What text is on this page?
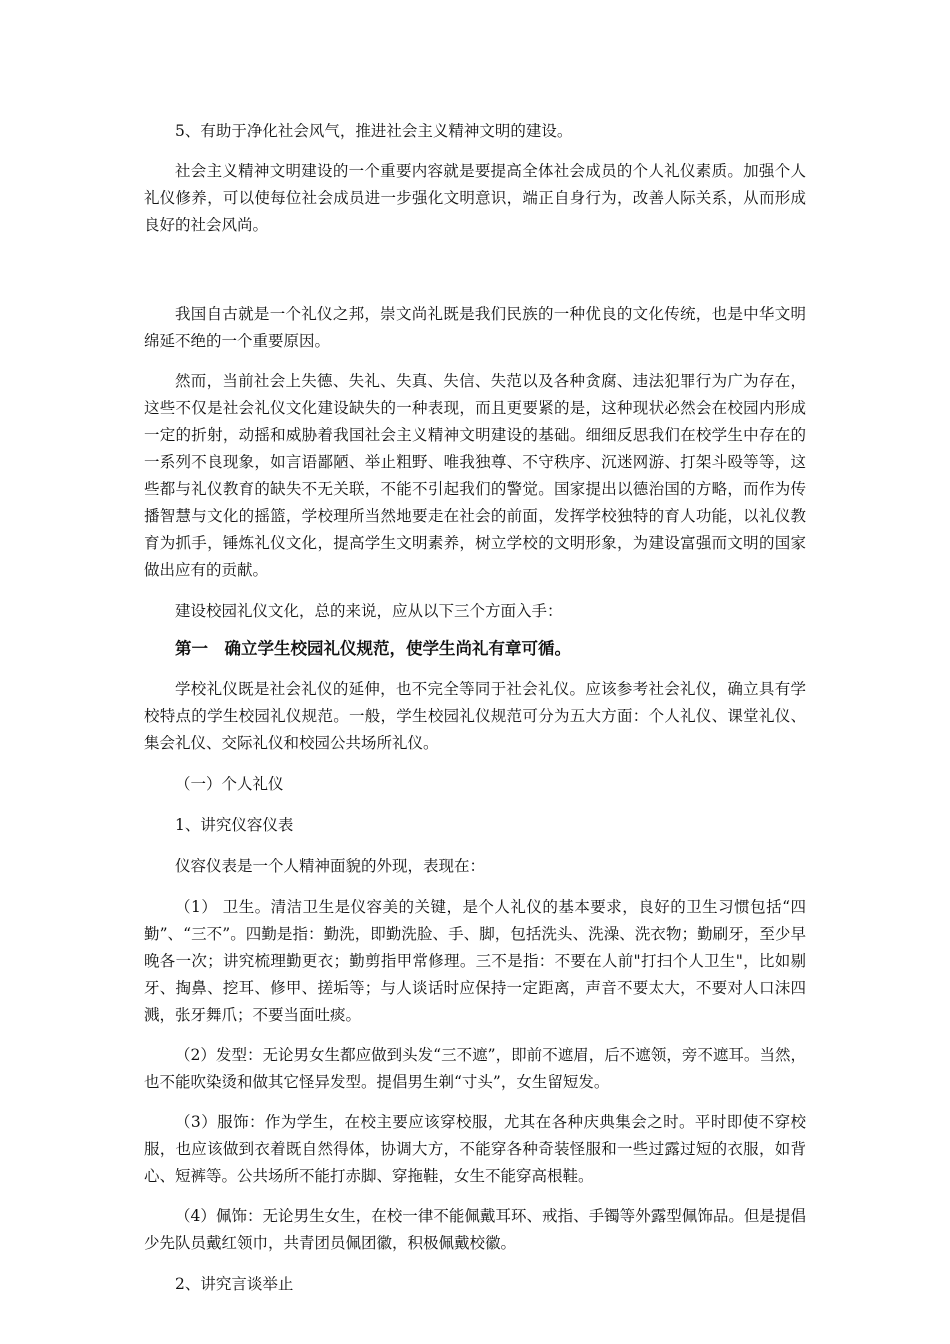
5、有助于净化社会风气，推进社会主义精神文明的建设。

社会主义精神文明建设的一个重要内容就是要提高全体社会成员的个人礼仪素质。加强个人礼仪修养，可以使每位社会成员进一步强化文明意识，端正自身行为，改善人际关系，从而形成良好的社会风尚。

我国自古就是一个礼仪之邦，崇文尚礼既是我们民族的一种优良的文化传统，也是中华文明绵延不绝的一个重要原因。

然而，当前社会上失德、失礼、失真、失信、失范以及各种贪腐、违法犯罪行为广为存在，这些不仅是社会礼仪文化建设缺失的一种表现，而且更要紧的是，这种现状必然会在校园内形成一定的折射，动摇和威胁着我国社会主义精神文明建设的基础。细细反思我们在校学生中存在的一系列不良现象，如言语鄙陋、举止粗野、唯我独尊、不守秩序、沉迷网游、打架斗殴等等，这些都与礼仪教育的缺失不无关联，不能不引起我们的警觉。国家提出以德治国的方略，而作为传播智慧与文化的摇篮，学校理所当然地要走在社会的前面，发挥学校独特的育人功能，以礼仪教育为抓手，锤炼礼仪文化，提高学生文明素养，树立学校的文明形象，为建设富强而文明的国家做出应有的贡献。

建设校园礼仪文化，总的来说，应从以下三个方面入手：

第一　确立学生校园礼仪规范，使学生尚礼有章可循。

学校礼仪既是社会礼仪的延伸，也不完全等同于社会礼仪。应该参考社会礼仪，确立具有学校特点的学生校园礼仪规范。一般，学生校园礼仪规范可分为五大方面：个人礼仪、课堂礼仪、集会礼仪、交际礼仪和校园公共场所礼仪。

（一）个人礼仪

1、讲究仪容仪表

仪容仪表是一个人精神面貌的外现，表现在：

（1） 卫生。清洁卫生是仪容美的关键，是个人礼仪的基本要求，良好的卫生习惯包括“四勤”、“三不”。四勤是指：勤洗，即勤洗脸、手、脚，包括洗头、洗澡、洗衣物；勤刷牙，至少早晚各一次；讲究梳理勤更衣；勤剪指甲常修理。三不是指：不要在人前"打扫个人卫生"，比如剔牙、掏鼻、挖耳、修甲、搓垢等；与人谈话时应保持一定距离，声音不要太大，不要对人口沫四溅，张牙舞爪；不要当面吐痰。

（2）发型：无论男女生都应做到头发“三不遮”，即前不遮眉，后不遮领，旁不遮耳。当然，也不能吹染烫和做其它怪异发型。提倡男生剃“寸头”，女生留短发。

（3）服饰：作为学生，在校主要应该穿校服，尤其在各种庆典集会之时。平时即使不穿校服，也应该做到衣着既自然得体，协调大方，不能穿各种奇装怪服和一些过露过短的衣服，如背心、短裤等。公共场所不能打赤脚、穿拖鞋，女生不能穿高根鞋。

（4）佩饰：无论男生女生，在校一律不能佩戴耳环、戒指、手镯等外露型佩饰品。但是提倡少先队员戴红领巾，共青团员佩团徽，积极佩戴校徽。

2、讲究言谈举止
